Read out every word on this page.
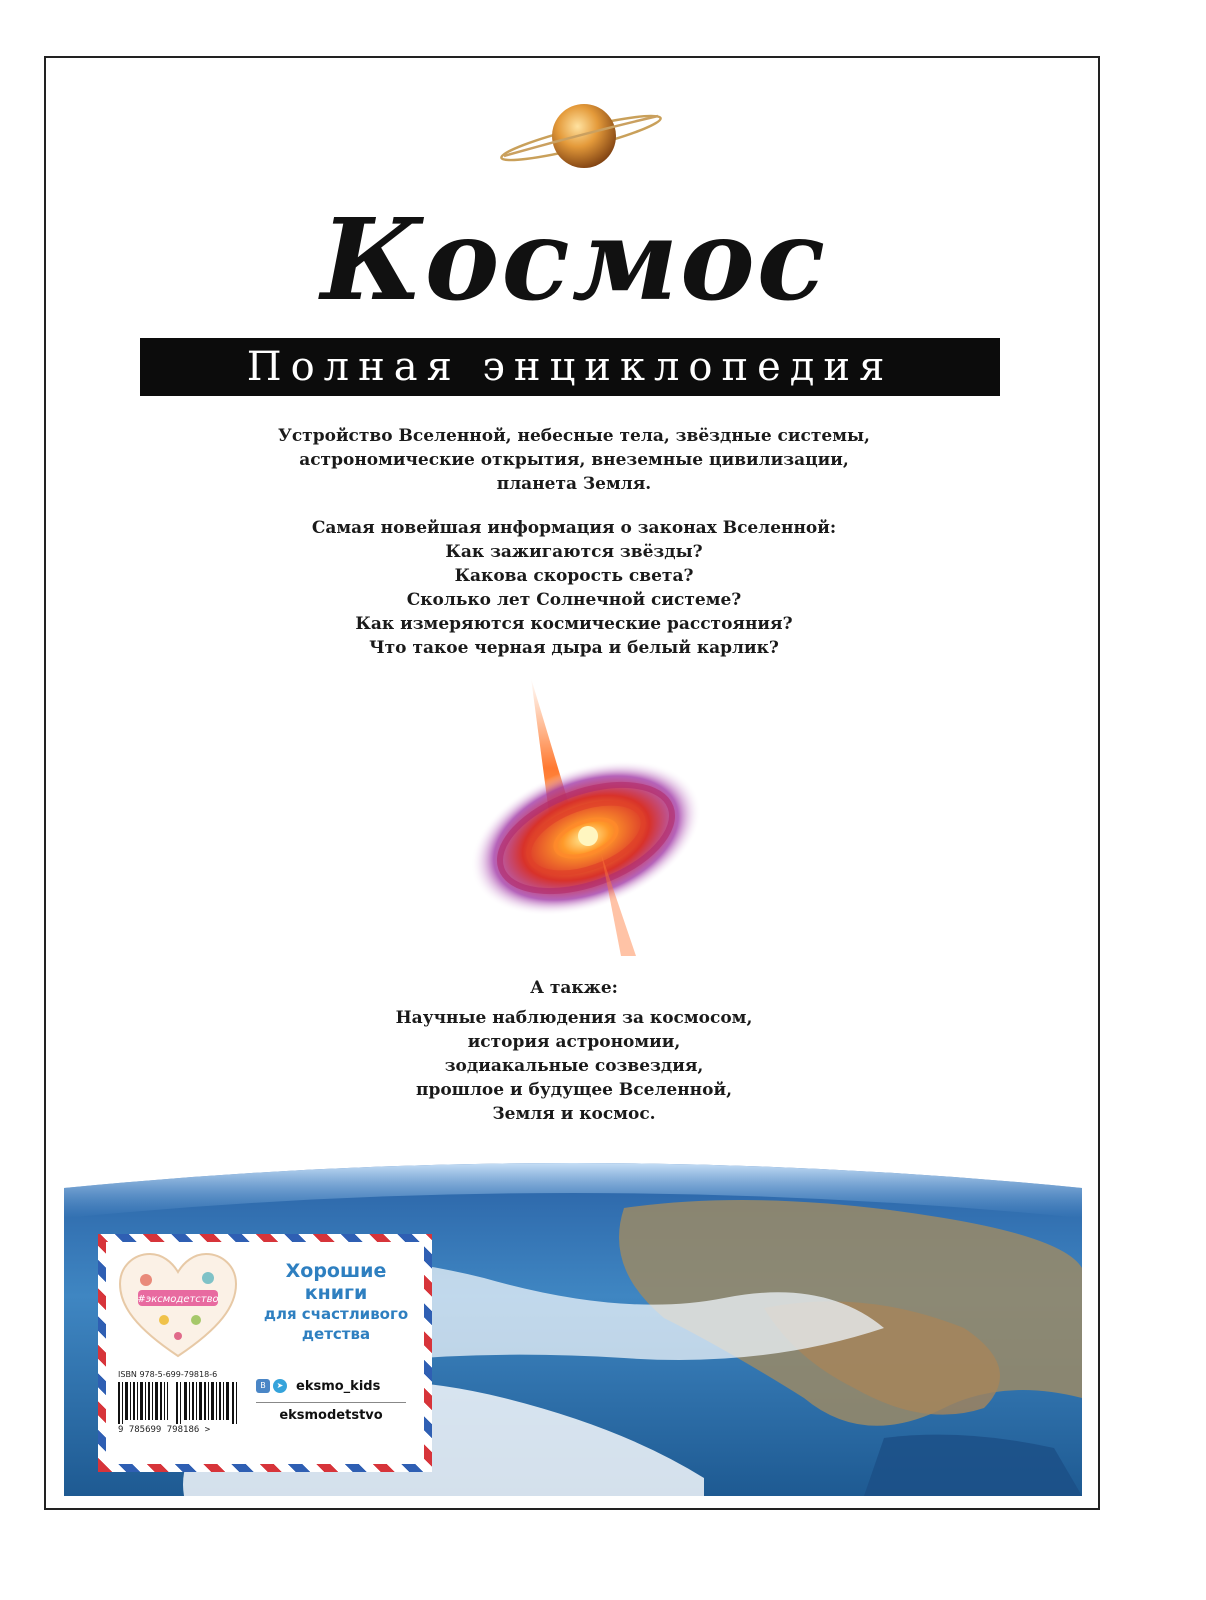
Космос
Полная энциклопедия
Устройство Вселенной, небесные тела, звёздные системы,
астрономические открытия, внеземные цивилизации,
планета Земля.
Самая новейшая информация о законах Вселенной:
Как зажигаются звёзды?
Какова скорость света?
Сколько лет Солнечной системе?
Как измеряются космические расстояния?
Что такое черная дыра и белый карлик?
А также:
Научные наблюдения за космосом,
история астрономии,
зодиакальные созвездия,
прошлое и будущее Вселенной,
Земля и космос.
#эксмодетство
Хорошие
книги
для счастливого
детства
ISBN 978-5-699-79818-6
9 785699 798186 >
В	➤ eksmo_kids
eksmodetstvo
